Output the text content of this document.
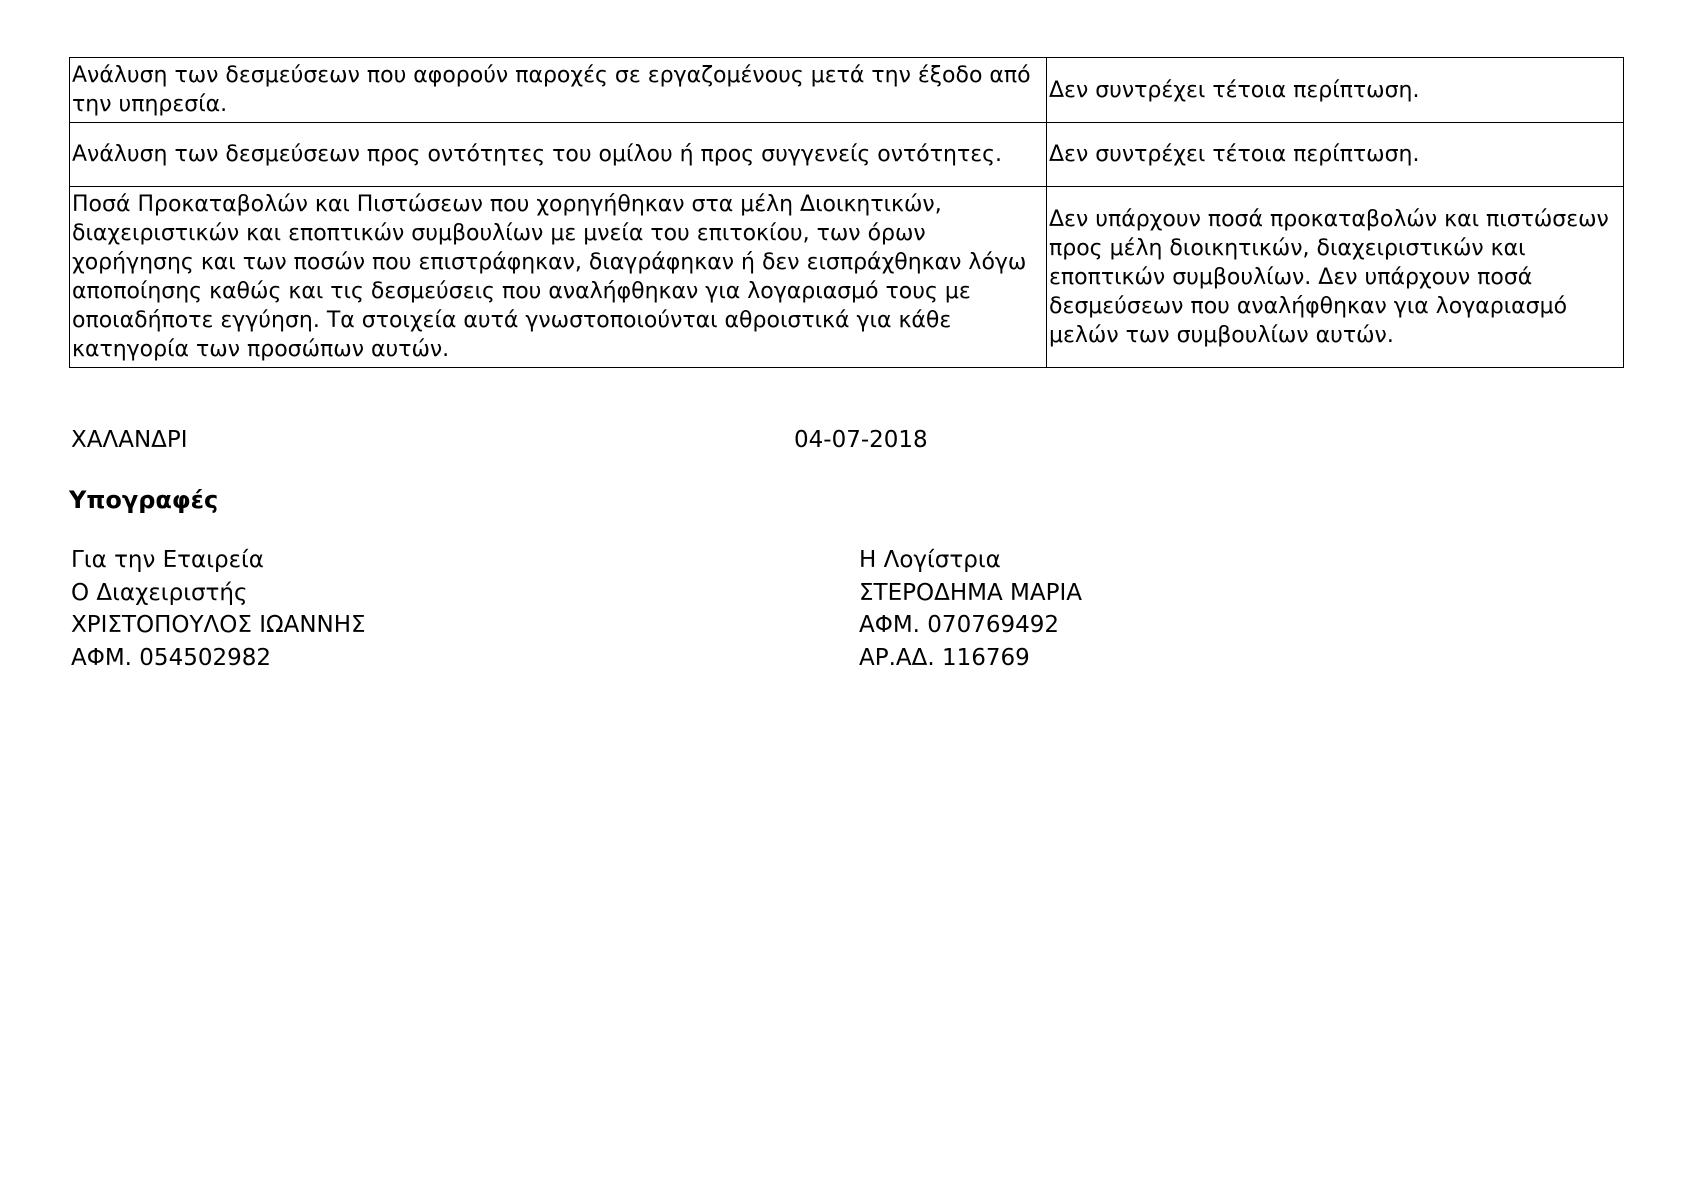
Ανάλυση των δεσμεύσεων που αφορούν παροχές σε εργαζομένους μετά την έξοδο από την υπηρεσία.	Δεν συντρέχει τέτοια περίπτωση.
Ανάλυση των δεσμεύσεων προς οντότητες του ομίλου ή προς συγγενείς οντότητες.	Δεν συντρέχει τέτοια περίπτωση.
Ποσά Προκαταβολών και Πιστώσεων που χορηγήθηκαν στα μέλη Διοικητικών, διαχειριστικών και εποπτικών συμβουλίων με μνεία του επιτοκίου, των όρων χορήγησης και των ποσών που επιστράφηκαν, διαγράφηκαν ή δεν εισπράχθηκαν λόγω αποποίησης καθώς και τις δεσμεύσεις που αναλήφθηκαν για λογαριασμό τους με οποιαδήποτε εγγύηση. Τα στοιχεία αυτά γνωστοποιούνται αθροιστικά για κάθε κατηγορία των προσώπων αυτών.	Δεν υπάρχουν ποσά προκαταβολών και πιστώσεων προς μέλη διοικητικών, διαχειριστικών και εποπτικών συμβουλίων. Δεν υπάρχουν ποσά δεσμεύσεων που αναλήφθηκαν για λογαριασμό μελών των συμβουλίων αυτών.
ΧΑΛΑΝΔΡΙ	04-07-2018
Υπογραφές
Για την Εταιρεία
Ο Διαχειριστής
ΧΡΙΣΤΟΠΟΥΛΟΣ ΙΩΑΝΝΗΣ
ΑΦΜ. 054502982
Η Λογίστρια
ΣΤΕΡΟΔΗΜΑ ΜΑΡΙΑ
ΑΦΜ. 070769492
ΑΡ.ΑΔ. 116769
